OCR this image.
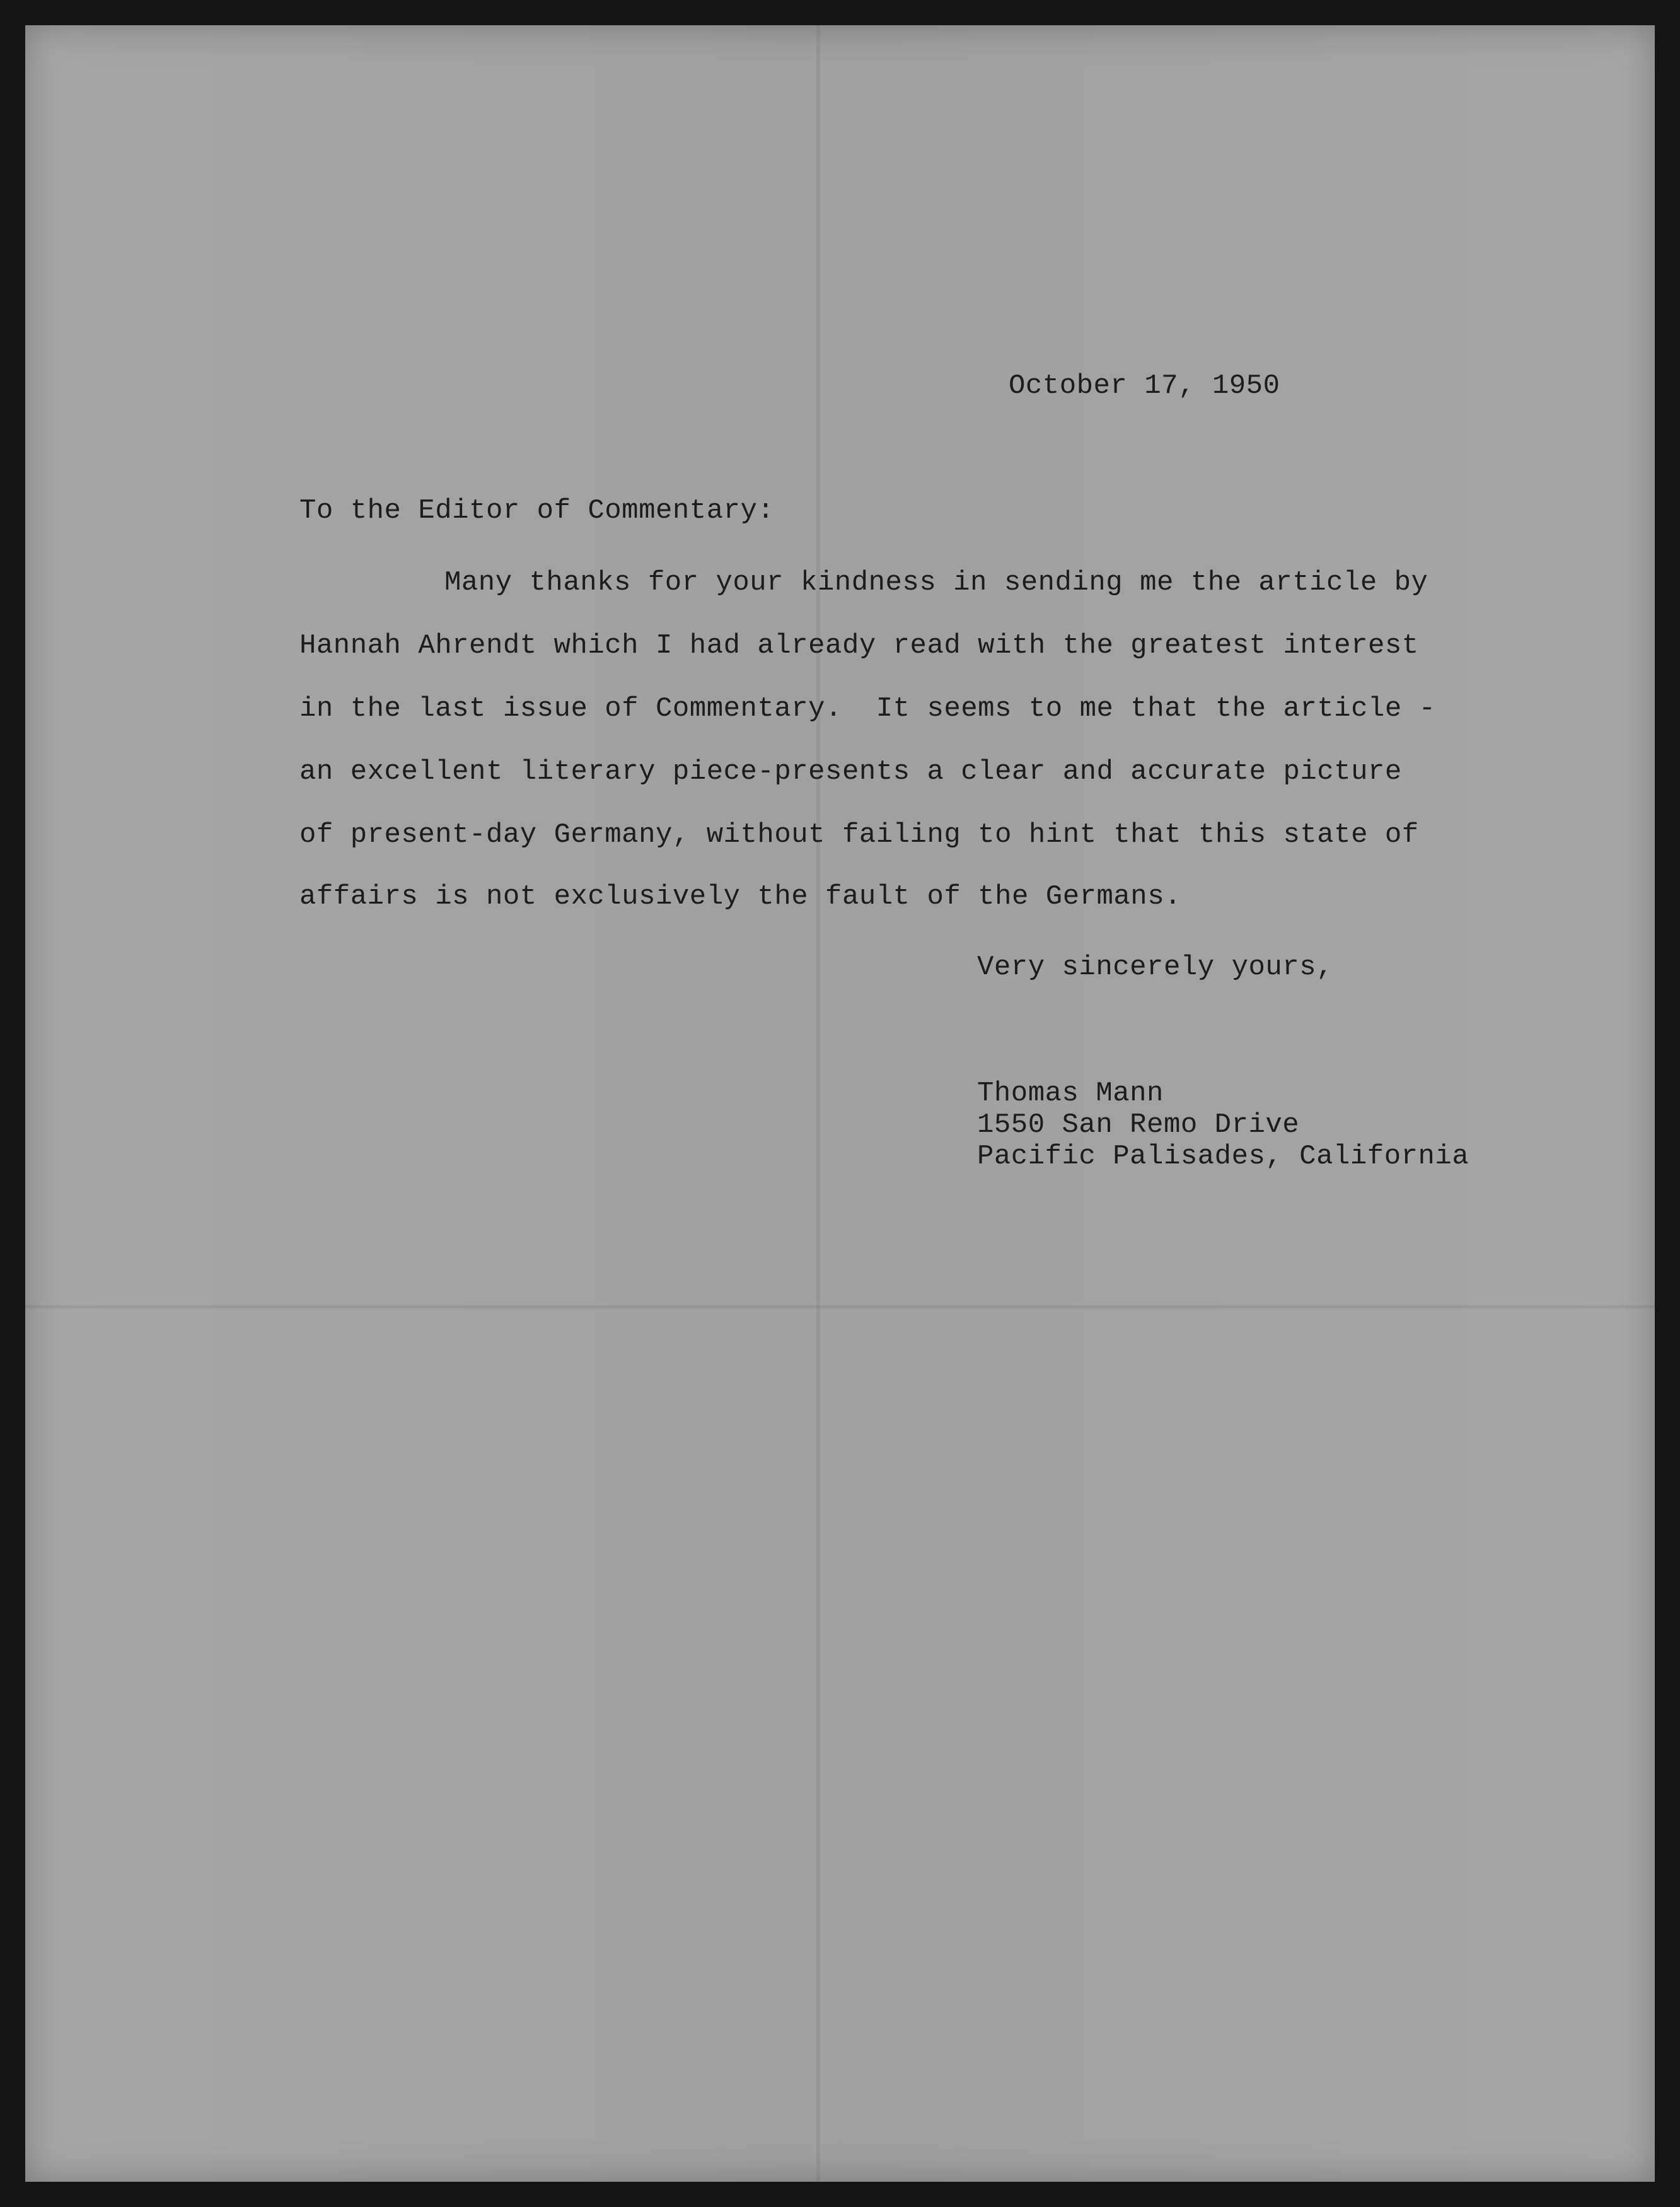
October 17, 1950
To the Editor of Commentary:
Many thanks for your kindness in sending me the article by
Hannah Ahrendt which I had already read with the greatest interest
in the last issue of Commentary.  It seems to me that the article -
an excellent literary piece-presents a clear and accurate picture
of present-day Germany, without failing to hint that this state of
affairs is not exclusively the fault of the Germans.
Very sincerely yours,
Thomas Mann
1550 San Remo Drive
Pacific Palisades, California
